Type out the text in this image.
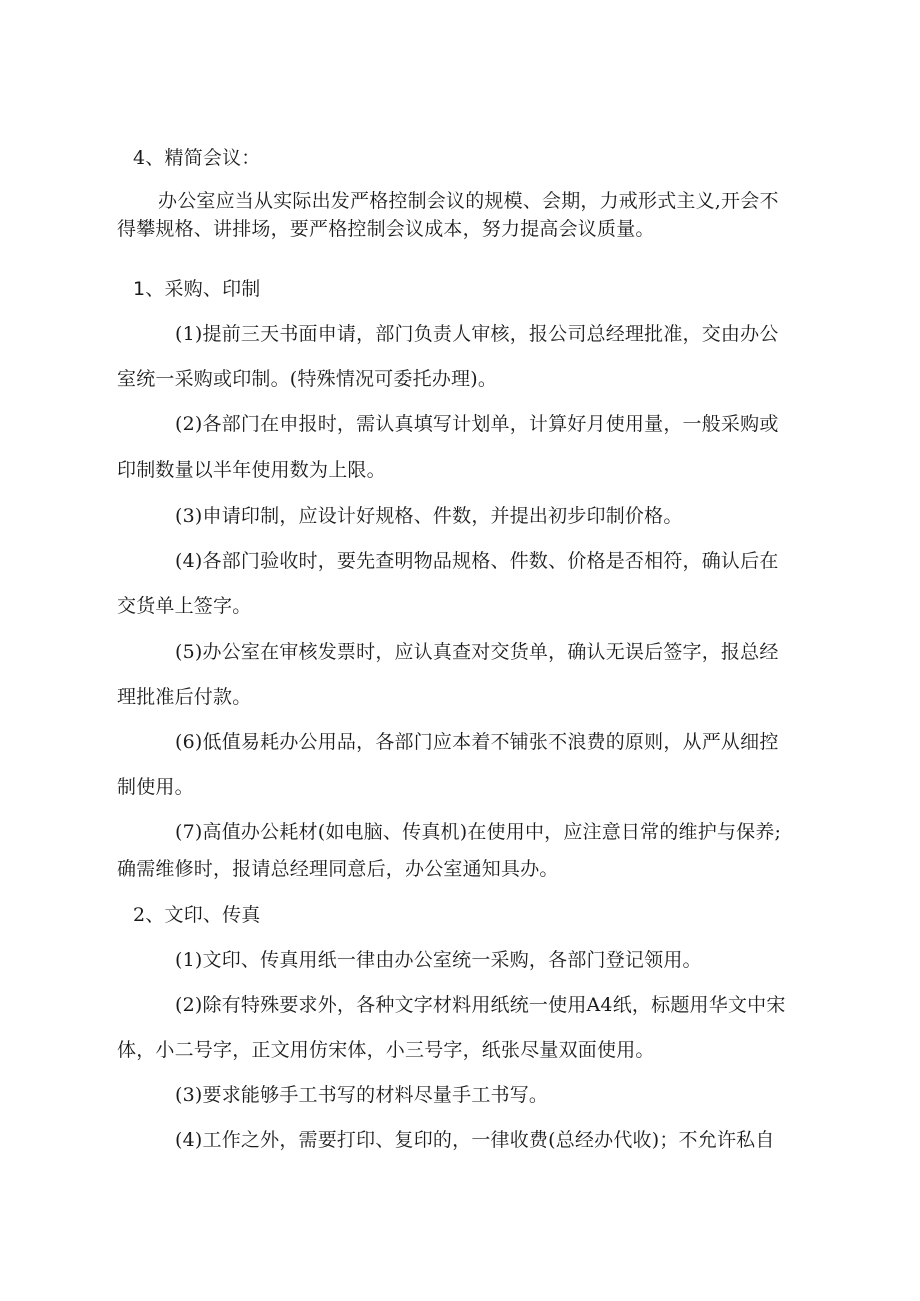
4、精简会议：
办公室应当从实际出发严格控制会议的规模、会期，力戒形式主义,开会不
得攀规格、讲排场，要严格控制会议成本，努力提高会议质量。
1、采购、印制
(1)提前三天书面申请，部门负责人审核，报公司总经理批准，交由办公
室统一采购或印制。(特殊情况可委托办理)。
(2)各部门在申报时，需认真填写计划单，计算好月使用量，一般采购或
印制数量以半年使用数为上限。
(3)申请印制，应设计好规格、件数，并提出初步印制价格。
(4)各部门验收时，要先查明物品规格、件数、价格是否相符，确认后在
交货单上签字。
(5)办公室在审核发票时，应认真查对交货单，确认无误后签字，报总经
理批准后付款。
(6)低值易耗办公用品，各部门应本着不铺张不浪费的原则，从严从细控
制使用。
(7)高值办公耗材(如电脑、传真机)在使用中，应注意日常的维护与保养;
确需维修时，报请总经理同意后，办公室通知具办。
2、文印、传真
(1)文印、传真用纸一律由办公室统一采购，各部门登记领用。
(2)除有特殊要求外，各种文字材料用纸统一使用A4纸，标题用华文中宋
体，小二号字，正文用仿宋体，小三号字，纸张尽量双面使用。
(3)要求能够手工书写的材料尽量手工书写。
(4)工作之外，需要打印、复印的，一律收费(总经办代收)；不允许私自
